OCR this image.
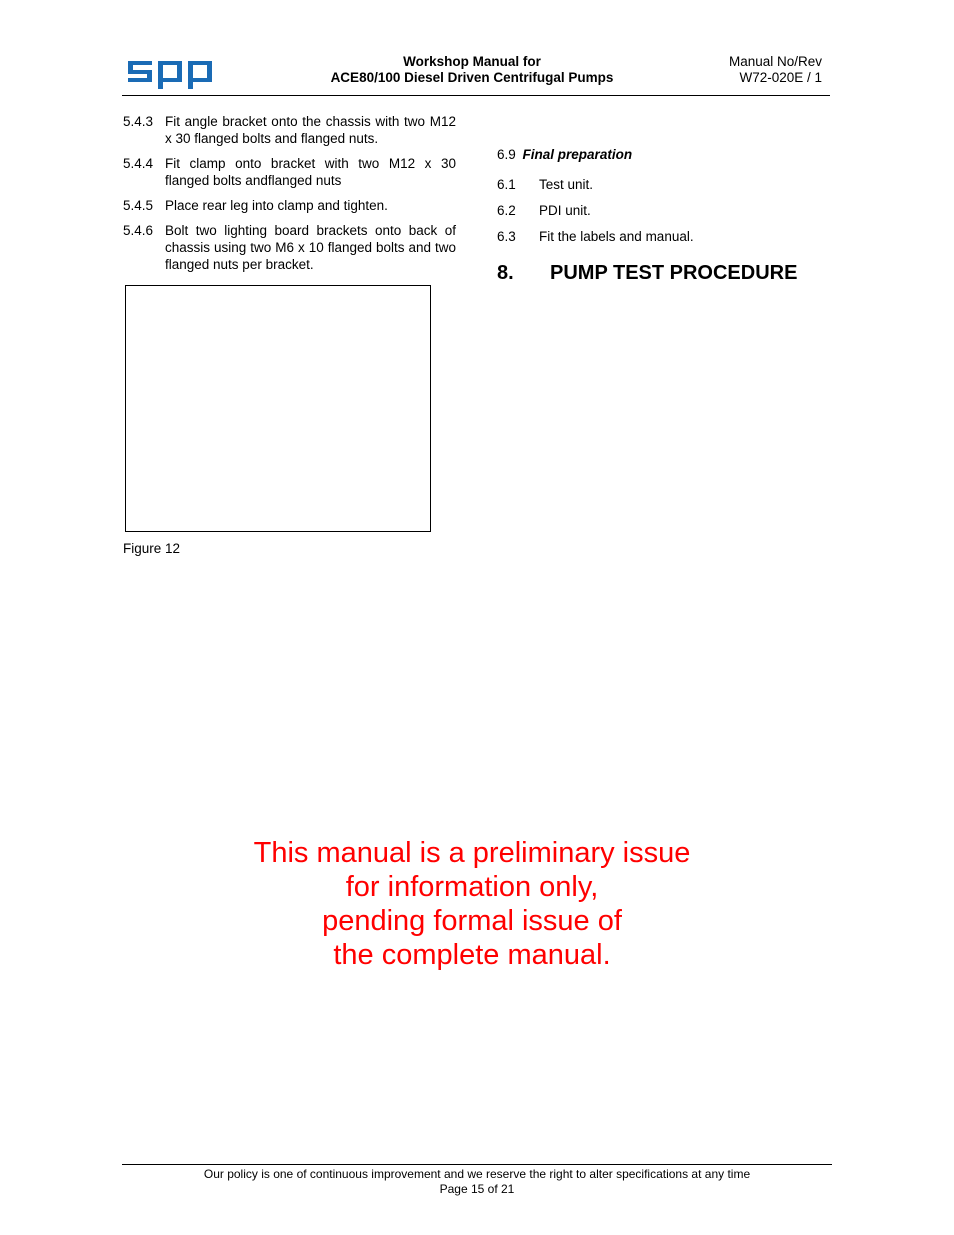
Workshop Manual for
ACE80/100 Diesel Driven Centrifugal Pumps
Manual No/Rev
W72-020E / 1
5.4.3 Fit angle bracket onto the chassis with two M12 x 30 flanged bolts and flanged nuts.
5.4.4 Fit clamp onto bracket with two M12 x 30 flanged bolts andflanged nuts
5.4.5 Place rear leg into clamp and tighten.
5.4.6 Bolt two lighting board brackets onto back of chassis using two M6 x 10 flanged bolts and two flanged nuts per bracket.
Figure 12
6.9 Final preparation
6.1	Test unit.
6.2	PDI unit.
6.3	Fit the labels and manual.
8.	PUMP TEST PROCEDURE
This manual is a preliminary issue
for information only,
pending formal issue of
the complete manual.
Our policy is one of continuous improvement and we reserve the right to alter specifications at any time
Page 15 of 21
